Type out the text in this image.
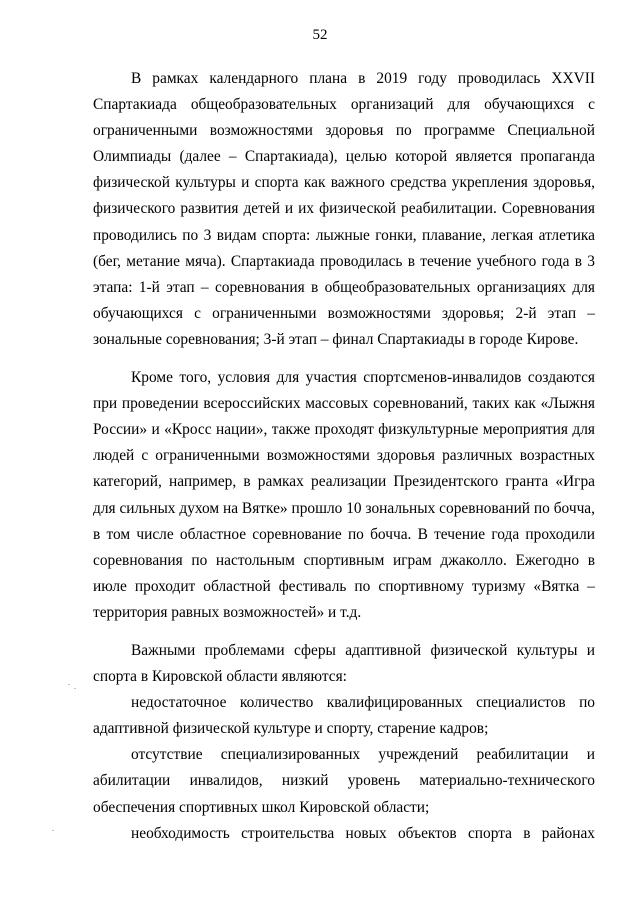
52

В рамках календарного плана в 2019 году проводилась XXVII Спартакиада общеобразовательных организаций для обучающихся с ограниченными возможностями здоровья по программе Специальной Олимпиады (далее – Спартакиада), целью которой является пропаганда физической культуры и спорта как важного средства укрепления здоровья, физического развития детей и их физической реабилитации. Соревнования проводились по 3 видам спорта: лыжные гонки, плавание, легкая атлетика (бег, метание мяча). Спартакиада проводилась в течение учебного года в 3 этапа: 1-й этап – соревнования в общеобразовательных организациях для обучающихся с ограниченными возможностями здоровья; 2-й этап – зональные соревнования; 3-й этап – финал Спартакиады в городе Кирове.

Кроме того, условия для участия спортсменов-инвалидов создаются при проведении всероссийских массовых соревнований, таких как «Лыжня России» и «Кросс нации», также проходят физкультурные мероприятия для людей с ограниченными возможностями здоровья различных возрастных категорий, например, в рамках реализации Президентского гранта «Игра для сильных духом на Вятке» прошло 10 зональных соревнований по бочча, в том числе областное соревнование по бочча. В течение года проходили соревнования по настольным спортивным играм джаколло. Ежегодно в июле проходит областной фестиваль по спортивному туризму «Вятка – территория равных возможностей» и т.д.

Важными проблемами сферы адаптивной физической культуры и спорта в Кировской области являются:

недостаточное количество квалифицированных специалистов по адаптивной физической культуре и спорту, старение кадров;

отсутствие специализированных учреждений реабилитации и абилитации инвалидов, низкий уровень материально-технического обеспечения спортивных школ Кировской области;

необходимость строительства новых объектов спорта в районах
